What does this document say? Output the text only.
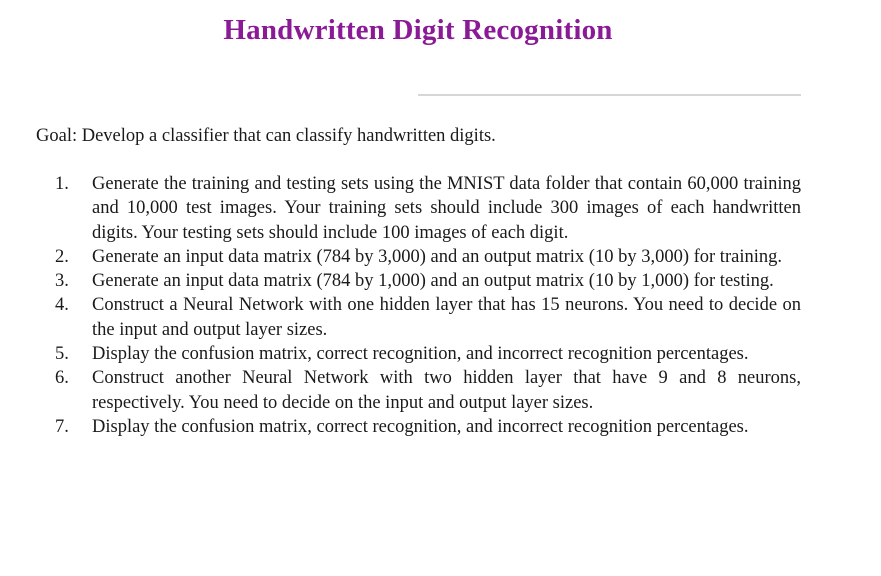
Handwritten Digit Recognition
Goal: Develop a classifier that can classify handwritten digits.
1.	Generate the training and testing sets using the MNIST data folder that contain 60,000 training and 10,000 test images. Your training sets should include 300 images of each handwritten digits. Your testing sets should include 100 images of each digit.
2.	Generate an input data matrix (784 by 3,000) and an output matrix (10 by 3,000) for training.
3.	Generate an input data matrix (784 by 1,000) and an output matrix (10 by 1,000) for testing.
4.	Construct a Neural Network with one hidden layer that has 15 neurons. You need to decide on the input and output layer sizes.
5.	Display the confusion matrix, correct recognition, and incorrect recognition percentages.
6.	Construct another Neural Network with two hidden layer that have 9 and 8 neurons, respectively. You need to decide on the input and output layer sizes.
7.	Display the confusion matrix, correct recognition, and incorrect recognition percentages.
